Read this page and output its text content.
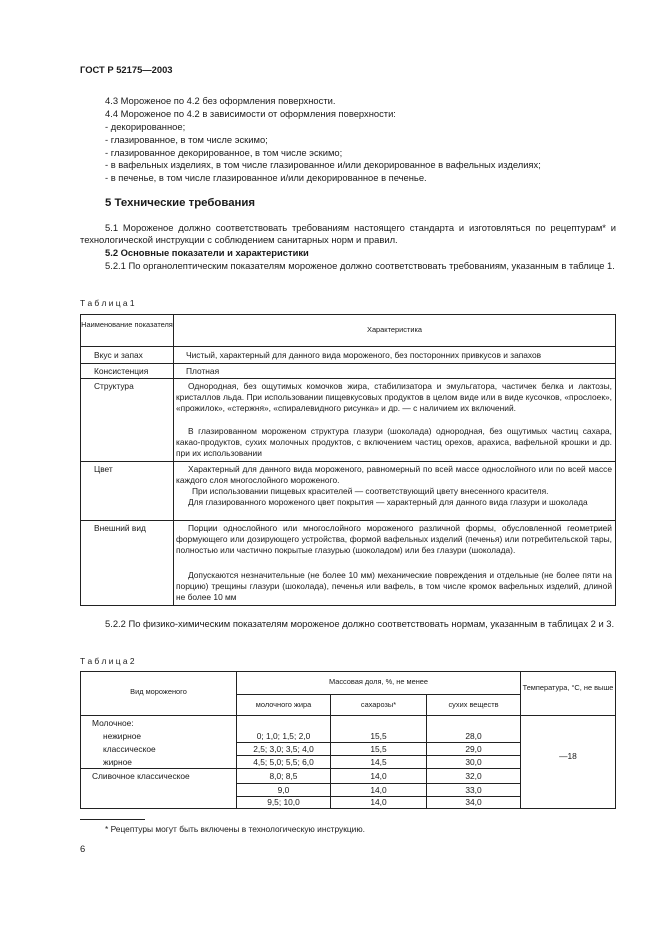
ГОСТ Р 52175—2003
4.3 Мороженое по 4.2 без оформления поверхности.
4.4 Мороженое по 4.2 в зависимости от оформления поверхности:
- декорированное;
- глазированное, в том числе эскимо;
- глазированное декорированное, в том числе эскимо;
- в вафельных изделиях, в том числе глазированное и/или декорированное в вафельных изделиях;
- в печенье, в том числе глазированное и/или декорированное в печенье.
5 Технические требования
5.1 Мороженое должно соответствовать требованиям настоящего стандарта и изготовляться по рецептурам* и технологической инструкции с соблюдением санитарных норм и правил.
5.2 Основные показатели и характеристики
5.2.1 По органолептическим показателям мороженое должно соответствовать требованиям, указанным в таблице 1.
Т а б л и ц а 1
Наименование показателя
Характеристика
Вкус и запах	Чистый, характерный для данного вида мороженого, без посторонних привкусов и запахов
Консистенция	Плотная
Структура	Однородная, без ощутимых комочков жира, стабилизатора и эмульгатора, частичек белка и лактозы, кристаллов льда. При использовании пищевкусовых продуктов в целом виде или в виде кусочков, «прослоек», «прожилок», «стержня», «спиралевидного рисунка» и др. — с наличием их включений.
В глазированном мороженом структура глазури (шоколада) однородная, без ощутимых частиц сахара, какао-продуктов, сухих молочных продуктов, с включением частиц орехов, арахиса, вафельной крошки и др. при их использовании
Цвет	Характерный для данного вида мороженого, равномерный по всей массе однослойного или по всей массе каждого слоя многослойного мороженого.
При использовании пищевых красителей — соответствующий цвету внесенного красителя.
Для глазированного мороженого цвет покрытия — характерный для данного вида глазури и шоколада
Внешний вид	Порции однослойного или многослойного мороженого различной формы, обусловленной геометрией формующего или дозирующего устройства, формой вафельных изделий (печенья) или потребительской тары, полностью или частично покрытые глазурью (шоколадом) или без глазури (шоколада).
Допускаются незначительные (не более 10 мм) механические повреждения и отдельные (не более пяти на порцию) трещины глазури (шоколада), печенья или вафель, в том числе кромок вафельных изделий, длиной не более 10 мм
5.2.2 По физико-химическим показателям мороженое должно соответствовать нормам, указанным в таблицах 2 и 3.
Т а б л и ц а 2
Вид мороженого
Массовая доля, %, не менее
молочного жира	сахарозы*	сухих веществ
Температура, °С, не выше
Молочное:
нежирное	0; 1,0; 1,5; 2,0	15,5	28,0
классическое	2,5; 3,0; 3,5; 4,0	15,5	29,0
жирное	4,5; 5,0; 5,5; 6,0	14,5	30,0
Сливочное классическое	8,0; 8,5	14,0	32,0
9,0	14,0	33,0
9,5; 10,0	14,0	34,0
—18
* Рецептуры могут быть включены в технологическую инструкцию.
6
